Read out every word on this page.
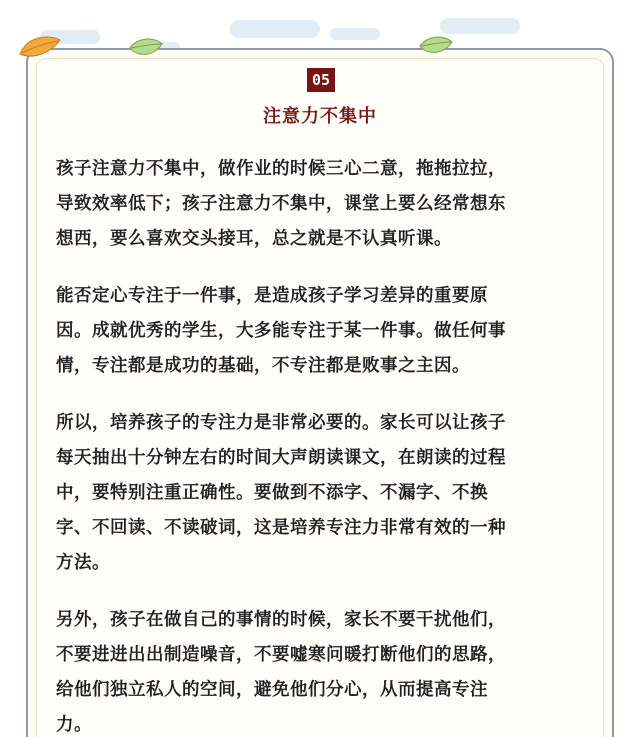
05
注意力不集中

孩子注意力不集中，做作业的时候三心二意，拖拖拉拉，
导致效率低下；孩子注意力不集中，课堂上要么经常想东
想西，要么喜欢交头接耳，总之就是不认真听课。

能否定心专注于一件事，是造成孩子学习差异的重要原
因。成就优秀的学生，大多能专注于某一件事。做任何事
情，专注都是成功的基础，不专注都是败事之主因。

所以，培养孩子的专注力是非常必要的。家长可以让孩子
每天抽出十分钟左右的时间大声朗读课文，在朗读的过程
中，要特别注重正确性。要做到不添字、不漏字、不换
字、不回读、不读破词，这是培养专注力非常有效的一种
方法。

另外，孩子在做自己的事情的时候，家长不要干扰他们，
不要进进出出制造噪音，不要嘘寒问暖打断他们的思路，
给他们独立私人的空间，避免他们分心，从而提高专注
力。
